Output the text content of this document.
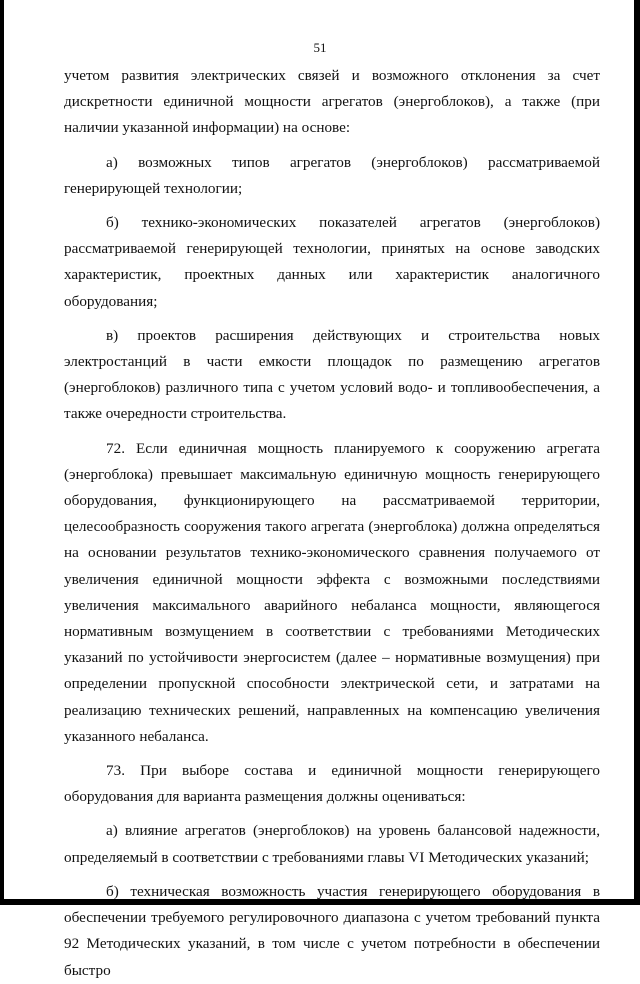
51

учетом развития электрических связей и возможного отклонения за счет дискретности единичной мощности агрегатов (энергоблоков), а также (при наличии указанной информации) на основе:

а) возможных типов агрегатов (энергоблоков) рассматриваемой генерирующей технологии;

б) технико-экономических показателей агрегатов (энергоблоков) рассматриваемой генерирующей технологии, принятых на основе заводских характеристик, проектных данных или характеристик аналогичного оборудования;

в) проектов расширения действующих и строительства новых электростанций в части емкости площадок по размещению агрегатов (энергоблоков) различного типа с учетом условий водо- и топливообеспечения, а также очередности строительства.

72. Если единичная мощность планируемого к сооружению агрегата (энергоблока) превышает максимальную единичную мощность генерирующего оборудования, функционирующего на рассматриваемой территории, целесообразность сооружения такого агрегата (энергоблока) должна определяться на основании результатов технико-экономического сравнения получаемого от увеличения единичной мощности эффекта с возможными последствиями увеличения максимального аварийного небаланса мощности, являющегося нормативным возмущением в соответствии с требованиями Методических указаний по устойчивости энергосистем (далее – нормативные возмущения) при определении пропускной способности электрической сети, и затратами на реализацию технических решений, направленных на компенсацию увеличения указанного небаланса.

73. При выборе состава и единичной мощности генерирующего оборудования для варианта размещения должны оцениваться:

а) влияние агрегатов (энергоблоков) на уровень балансовой надежности, определяемый в соответствии с требованиями главы VI Методических указаний;

б) техническая возможность участия генерирующего оборудования в обеспечении требуемого регулировочного диапазона с учетом требований пункта 92 Методических указаний, в том числе с учетом потребности в обеспечении быстро
